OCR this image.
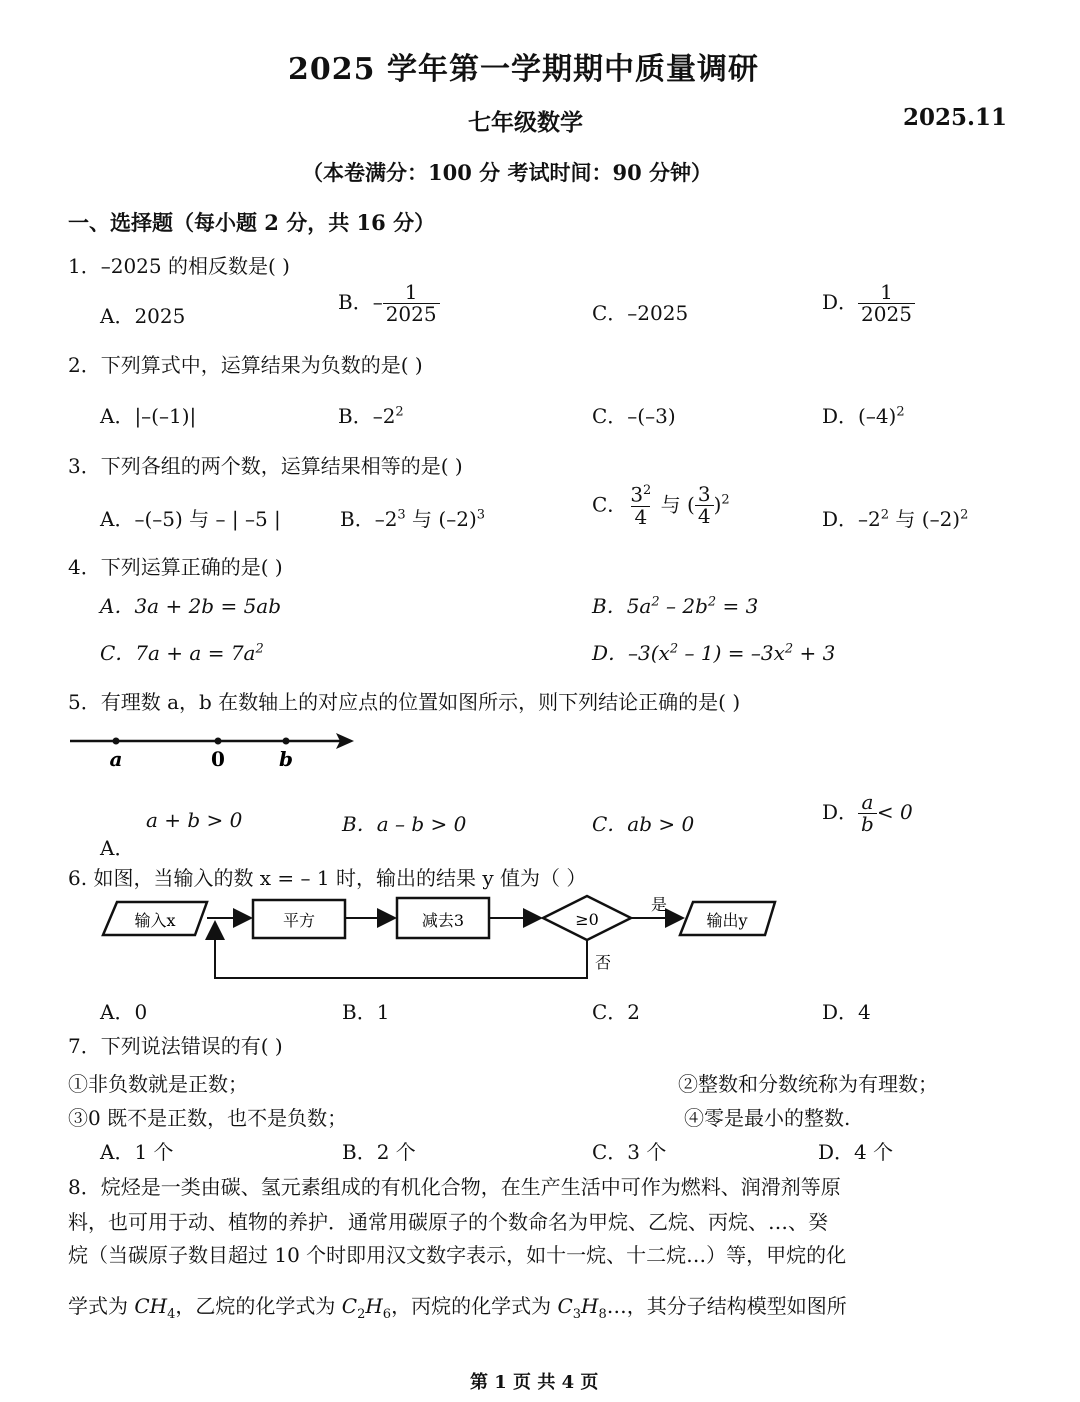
2025 学年第一学期期中质量调研
七年级数学	2025.11
（本卷满分：100 分 考试时间：90 分钟）
一、选择题（每小题 2 分，共 16 分）
1．–2025 的相反数是( )
A．2025
B．– $\frac{1}{2025}$	C．–2025	D． $\frac{1}{2025}$
2．下列算式中，运算结果为负数的是( )
A．|–(–1)|	B．$-2^2$	C．–(–3)	D．$(-4)^2$
3．下列各组的两个数，运算结果相等的是( )
A．–(–5) 与 – | –5 |	B．$-2^3$ 与 $(-2)^3$	C． $\frac{3^2}{4}$ 与 ( $\frac{3}{4} )^2$
D．$-2^2$ 与 $(-2)^2$
4．下列运算正确的是( )
A．3a + 2b = 5ab	B．$5a^2 - 2b^2 = 3$
C．$7a + a = 7a^2$	D．$-3(x^2 - 1) = -3x^2 + 3$
5．有理数 a，b 在数轴上的对应点的位置如图所示，则下列结论正确的是( )
a	0	b
a + b > 0
A．
B．a – b > 0	C．ab > 0	D． $\frac{a}{b} < 0$
6. 如图，当输入的数 x = – 1 时，输出的结果 y 值为（ ）
输入x	平方	减去3	≥0
是
输出y
否
A．0	B．1	C．2	D．4
7．下列说法错误的有( )
①非负数就是正数；	②整数和分数统称为有理数；
③0 既不是正数，也不是负数；	④零是最小的整数.
A．1 个	B．2 个	C．3 个	D．4 个
8．烷烃是一类由碳、氢元素组成的有机化合物，在生产生活中可作为燃料、润滑剂等原
料，也可用于动、植物的养护．通常用碳原子的个数命名为甲烷、乙烷、丙烷、…、癸
烷（当碳原子数目超过 10 个时即用汉文数字表示，如十一烷、十二烷…）等，甲烷的化
学式为 $CH_4$，乙烷的化学式为 $C_2H_6$，丙烷的化学式为 $C_3H_8\dots$，其分子结构模型如图所
第 1 页 共 4 页
